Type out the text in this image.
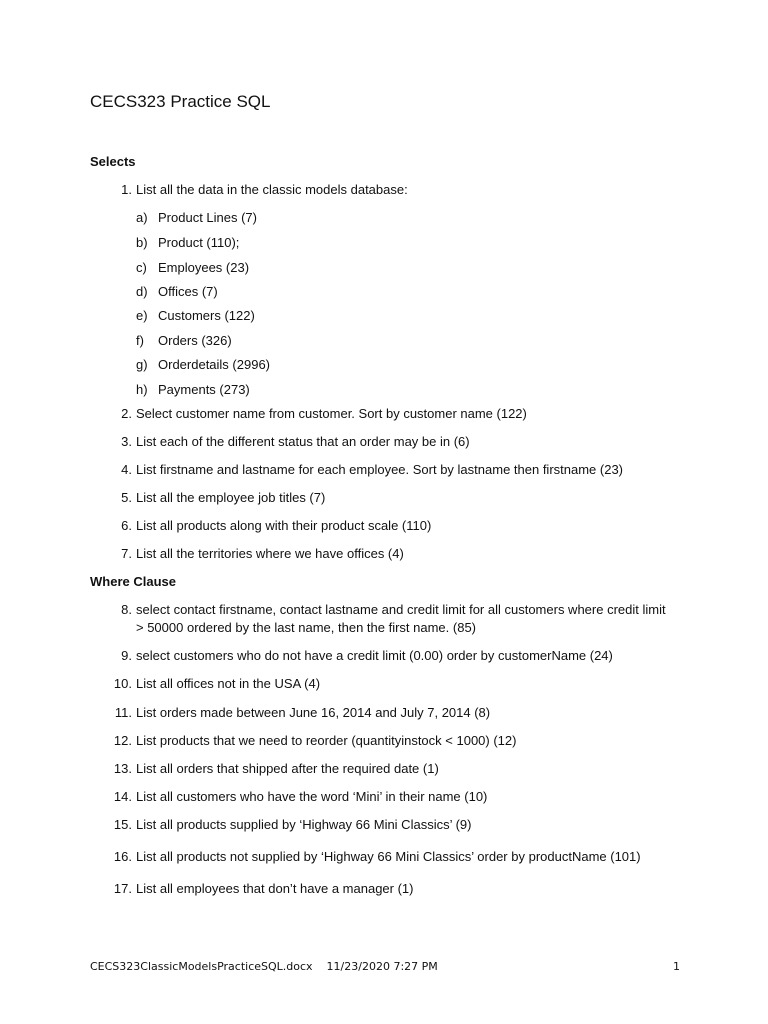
CECS323 Practice SQL
Selects
1. List all the data in the classic models database:
a) Product Lines (7)
b) Product (110);
c) Employees (23)
d) Offices (7)
e) Customers (122)
f)	Orders (326)
g) Orderdetails (2996)
h) Payments (273)
2. Select customer name from customer. Sort by customer name (122)
3. List each of the different status that an order may be in (6)
4. List firstname and lastname for each employee. Sort by lastname then firstname (23)
5. List all the employee job titles (7)
6. List all products along with their product scale (110)
7. List all the territories where we have offices (4)
Where Clause
8. select contact firstname, contact lastname and credit limit for all customers where credit limit > 50000 ordered by the last name, then the first name. (85)
9. select customers who do not have a credit limit (0.00) order by customerName (24)
10. List all offices not in the USA (4)
11. List orders made between June 16, 2014 and July 7, 2014 (8)
12. List products that we need to reorder (quantityinstock < 1000) (12)
13. List all orders that shipped after the required date (1)
14. List all customers who have the word ‘Mini’ in their name (10)
15. List all products supplied by ‘Highway 66 Mini Classics’ (9)
16. List all products not supplied by ‘Highway 66 Mini Classics’ order by productName (101)
17. List all employees that don’t have a manager (1)
CECS323ClassicModelsPracticeSQL.docx    11/23/2020 7:27 PM	1
